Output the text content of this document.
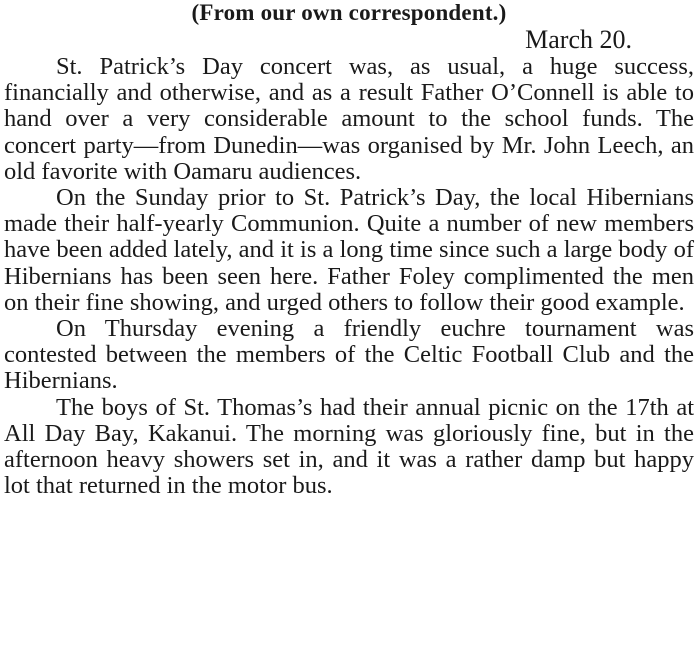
(From our own correspondent.)

March 20.

St. Patrick’s Day concert was, as usual, a huge success, financially and otherwise, and as a result Father O’Connell is able to hand over a very considerable amount to the school funds. The concert party—from Dunedin—was organised by Mr. John Leech, an old favorite with Oamaru audiences.

On the Sunday prior to St. Patrick’s Day, the local Hibernians made their half-yearly Communion. Quite a number of new members have been added lately, and it is a long time since such a large body of Hibernians has been seen here. Father Foley complimented the men on their fine showing, and urged others to follow their good example.

On Thursday evening a friendly euchre tournament was contested between the members of the Celtic Football Club and the Hibernians.

The boys of St. Thomas’s had their annual picnic on the 17th at All Day Bay, Kakanui. The morning was gloriously fine, but in the afternoon heavy showers set in, and it was a rather damp but happy lot that returned in the motor bus.
